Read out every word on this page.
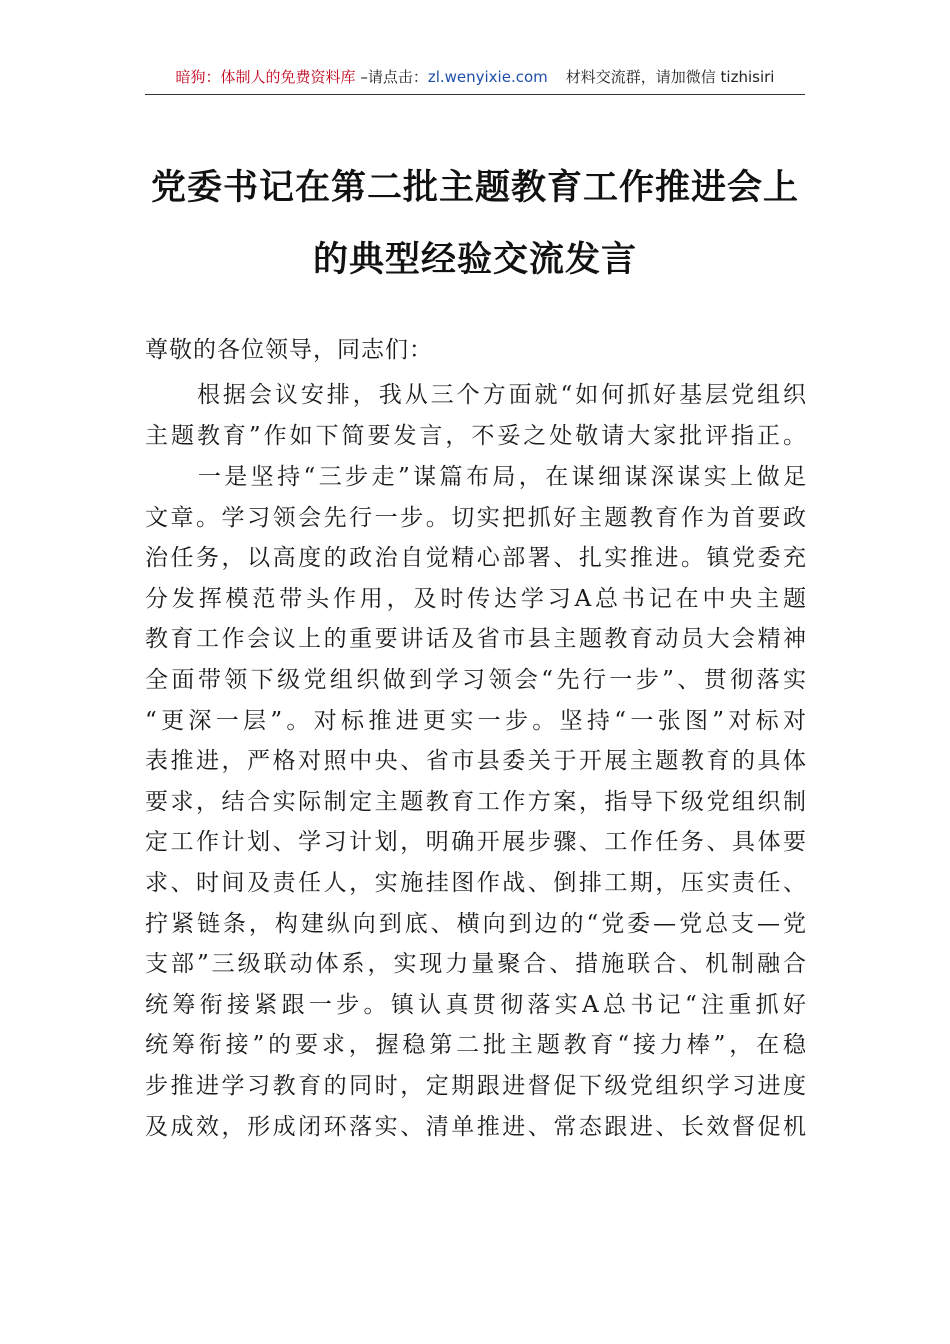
暗狗：体制人的免费资料库 –请点击：zl.wenyixie.com 材料交流群，请加微信 tizhisiri
党委书记在第二批主题教育工作推进会上
的典型经验交流发言

尊敬的各位领导，同志们：

　　根据会议安排，我从三个方面就“如何抓好基层党组织
主题教育”作如下简要发言，不妥之处敬请大家批评指正。

　　一是坚持“三步走”谋篇布局，在谋细谋深谋实上做足
文章。学习领会先行一步。切实把抓好主题教育作为首要政
治任务，以高度的政治自觉精心部署、扎实推进。镇党委充
分发挥模范带头作用，及时传达学习A总书记在中央主题
教育工作会议上的重要讲话及省市县主题教育动员大会精神
全面带领下级党组织做到学习领会“先行一步”、贯彻落实
“更深一层”。对标推进更实一步。坚持“一张图”对标对
表推进，严格对照中央、省市县委关于开展主题教育的具体
要求，结合实际制定主题教育工作方案，指导下级党组织制
定工作计划、学习计划，明确开展步骤、工作任务、具体要
求、时间及责任人，实施挂图作战、倒排工期，压实责任、
拧紧链条，构建纵向到底、横向到边的“党委—党总支—党
支部”三级联动体系，实现力量聚合、措施联合、机制融合
统筹衔接紧跟一步。镇认真贯彻落实A总书记“注重抓好
统筹衔接”的要求，握稳第二批主题教育“接力棒”，在稳
步推进学习教育的同时，定期跟进督促下级党组织学习进度
及成效，形成闭环落实、清单推进、常态跟进、长效督促机
